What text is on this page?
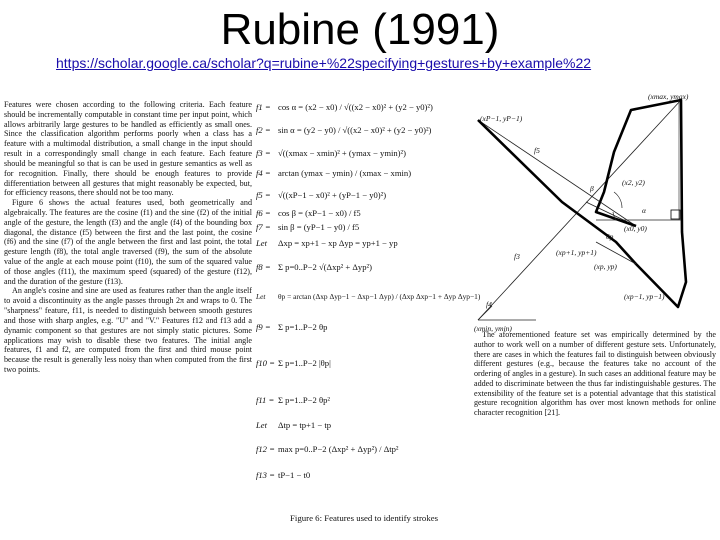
Rubine (1991)
https://scholar.google.ca/scholar?q=rubine+%22specifying+gestures+by+example%22

Features were chosen according to the following criteria. Each feature should be incrementally computable in constant time per input point, which allows arbitrarily large gestures to be handled as efficiently as small ones. Since the classification algorithm performs poorly when a class has a feature with a multimodal distribution, a small change in the input should result in a correspondingly small change in each feature. Each feature should be meaningful so that is can be used in gesture semantics as well as for recognition. Finally, there should be enough features to provide differentiation between all gestures that might reasonably be expected, but, for efficiency reasons, there should not be too many.

Figure 6 shows the actual features used, both geometrically and algebraically. The features are the cosine (f1) and the sine (f2) of the initial angle of the gesture, the length (f3) and the angle (f4) of the bounding box diagonal, the distance (f5) between the first and the last point, the cosine (f6) and the sine (f7) of the angle between the first and last point, the total gesture length (f8), the total angle traversed (f9), the sum of the absolute value of the angle at each mouse point (f10), the sum of the squared value of those angles (f11), the maximum speed (squared) of the gesture (f12), and the duration of the gesture (f13).

An angle's cosine and sine are used as features rather than the angle itself to avoid a discontinuity as the angle passes through 2π and wraps to 0. The "sharpness" feature, f11, is needed to distinguish between smooth gestures and those with sharp angles, e.g. "U" and "V." Features f12 and f13 add a dynamic component so that gestures are not simply static pictures. Some applications may wish to disable these two features. The initial angle features, f1 and f2, are computed from the first and third mouse point because the result is generally less noisy than when computed from the first two points.

f1 = cos α = (x2 − x0) / √((x2 − x0)² + (y2 − y0)²)
f2 = sin α = (y2 − y0) / √((x2 − x0)² + (y2 − y0)²)
f3 = √((xmax − xmin)² + (ymax − ymin)²)
f4 = arctan (ymax − ymin) / (xmax − xmin)
f5 = √((xP−1 − x0)² + (yP−1 − y0)²)
f6 = cos β = (xP−1 − x0) / f5
f7 = sin β = (yP−1 − y0) / f5
Let Δxp = xp+1 − xp Δyp = yp+1 − yp
f8 = Σ p=0..P−2 √(Δxp² + Δyp²)
Let θp = arctan (Δxp Δyp−1 − Δxp−1 Δyp) / (Δxp Δxp−1 + Δyp Δyp−1)
f9 = Σ p=1..P−2 θp
f10 = Σ p=1..P−2 |θp|
f11 = Σ p=1..P−2 θp²
Let Δtp = tp+1 − tp
f12 = max p=0..P−2 (Δxp² + Δyp²) / Δtp²
f13 = tP−1 − t0
(xmax, ymax)
(xP−1, yP−1)
f5
β
(x2, y2)
α
(x0, y0)
θp
(xp+1, yp+1)
f3
(xp, yp)
(xp−1, yp−1)
f4
(xmin, ymin)

The aforementioned feature set was empirically determined by the author to work well on a number of different gesture sets. Unfortunately, there are cases in which the features fail to distinguish between obviously different gestures (e.g., because the features take no account of the ordering of angles in a gesture). In such cases an additional feature may be added to discriminate between the thus far indistinguishable gestures. The extensibility of the feature set is a potential advantage that this statistical gesture recognition algorithm has over most known methods for online character recognition [21].

Figure 6: Features used to identify strokes
